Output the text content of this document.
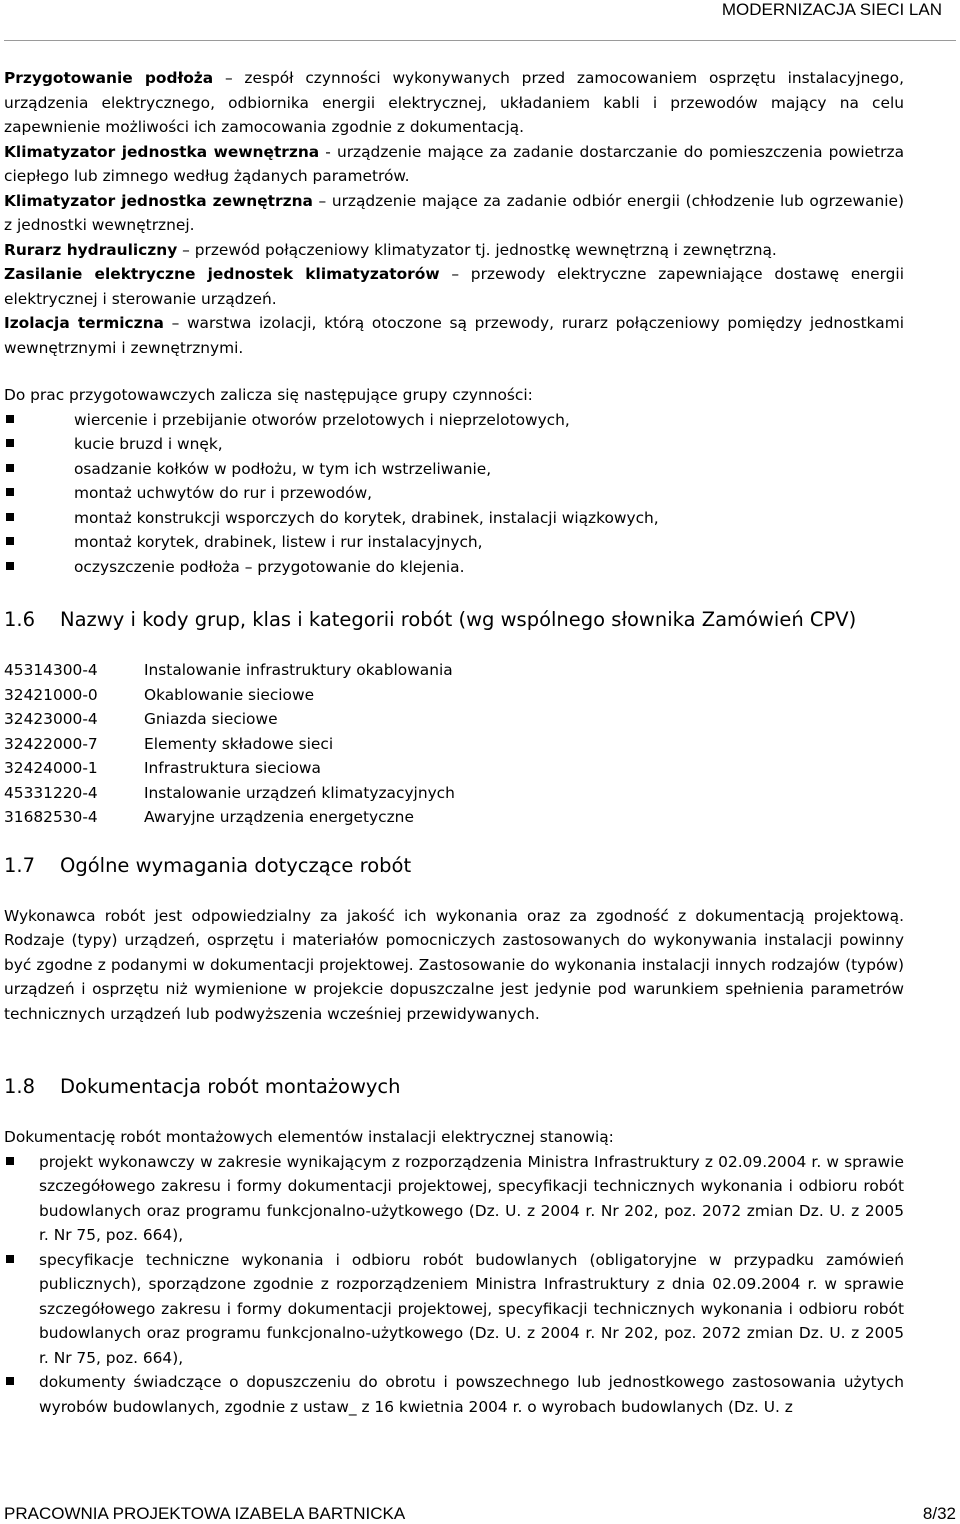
MODERNIZACJA SIECI LAN

Przygotowanie podłoża – zespół czynności wykonywanych przed zamocowaniem osprzętu instalacyjnego, urządzenia elektrycznego, odbiornika energii elektrycznej, układaniem kabli i przewodów mający na celu zapewnienie możliwości ich zamocowania zgodnie z dokumentacją.

Klimatyzator jednostka wewnętrzna - urządzenie mające za zadanie dostarczanie do pomieszczenia powietrza ciepłego lub zimnego według żądanych parametrów.

Klimatyzator jednostka zewnętrzna – urządzenie mające za zadanie odbiór energii (chłodzenie lub ogrzewanie) z jednostki wewnętrznej.

Rurarz hydrauliczny – przewód połączeniowy klimatyzator tj. jednostkę wewnętrzną i zewnętrzną.

Zasilanie elektryczne jednostek klimatyzatorów – przewody elektryczne zapewniające dostawę energii elektrycznej i sterowanie urządzeń.

Izolacja termiczna – warstwa izolacji, którą otoczone są przewody, rurarz połączeniowy pomiędzy jednostkami wewnętrznymi i zewnętrznymi.

Do prac przygotowawczych zalicza się następujące grupy czynności:

wiercenie i przebijanie otworów przelotowych i nieprzelotowych,
kucie bruzd i wnęk,
osadzanie kołków w podłożu, w tym ich wstrzeliwanie,
montaż uchwytów do rur i przewodów,
montaż konstrukcji wsporczych do korytek, drabinek, instalacji wiązkowych,
montaż korytek, drabinek, listew i rur instalacyjnych,
oczyszczenie podłoża – przygotowanie do klejenia.
1.6 Nazwy i kody grup, klas i kategorii robót (wg wspólnego słownika Zamówień CPV)
45314300-4	Instalowanie infrastruktury okablowania
32421000-0	Okablowanie sieciowe
32423000-4	Gniazda sieciowe
32422000-7	Elementy składowe sieci
32424000-1	Infrastruktura sieciowa
45331220-4	Instalowanie urządzeń klimatyzacyjnych
31682530-4	Awaryjne urządzenia energetyczne
1.7 Ogólne wymagania dotyczące robót

Wykonawca robót jest odpowiedzialny za jakość ich wykonania oraz za zgodność z dokumentacją projektową. Rodzaje (typy) urządzeń, osprzętu i materiałów pomocniczych zastosowanych do wykonywania instalacji powinny być zgodne z podanymi w dokumentacji projektowej. Zastosowanie do wykonania instalacji innych rodzajów (typów) urządzeń i osprzętu niż wymienione w projekcie dopuszczalne jest jedynie pod warunkiem spełnienia parametrów technicznych urządzeń lub podwyższenia wcześniej przewidywanych.

1.8 Dokumentacja robót montażowych

Dokumentację robót montażowych elementów instalacji elektrycznej stanowią:

projekt wykonawczy w zakresie wynikającym z rozporządzenia Ministra Infrastruktury z 02.09.2004 r. w sprawie szczegółowego zakresu i formy dokumentacji projektowej, specyfikacji technicznych wykonania i odbioru robót budowlanych oraz programu funkcjonalno-użytkowego (Dz. U. z 2004 r. Nr 202, poz. 2072 zmian Dz. U. z 2005 r. Nr 75, poz. 664),
specyfikacje techniczne wykonania i odbioru robót budowlanych (obligatoryjne w przypadku zamówień publicznych), sporządzone zgodnie z rozporządzeniem Ministra Infrastruktury z dnia 02.09.2004 r. w sprawie szczegółowego zakresu i formy dokumentacji projektowej, specyfikacji technicznych wykonania i odbioru robót budowlanych oraz programu funkcjonalno-użytkowego (Dz. U. z 2004 r. Nr 202, poz. 2072 zmian Dz. U. z 2005 r. Nr 75, poz. 664),
dokumenty świadczące o dopuszczeniu do obrotu i powszechnego lub jednostkowego zastosowania użytych wyrobów budowlanych, zgodnie z ustaw_ z 16 kwietnia 2004 r. o wyrobach budowlanych (Dz. U. z
PRACOWNIA PROJEKTOWA IZABELA BARTNICKA	8/32
